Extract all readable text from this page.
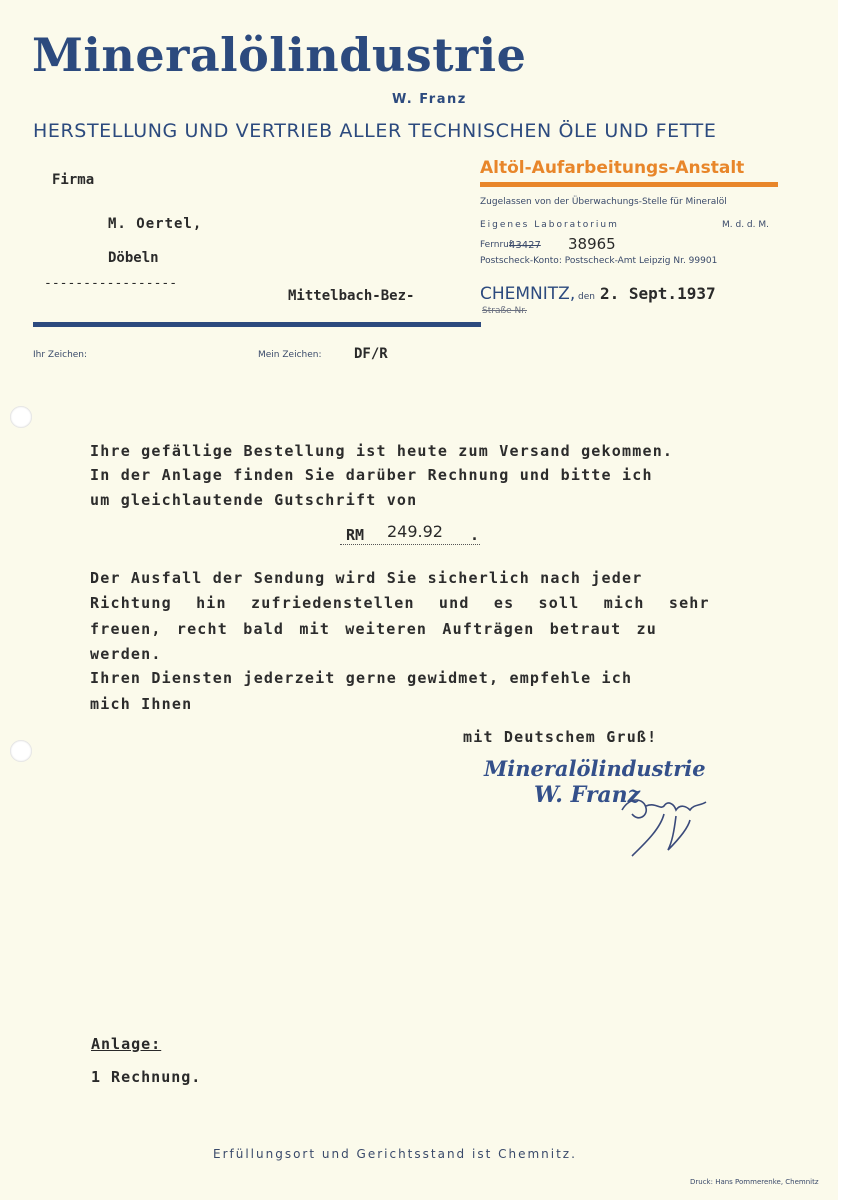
Mineralölindustrie
W. Franz
HERSTELLUNG UND VERTRIEB ALLER TECHNISCHEN ÖLE UND FETTE
Altöl-Aufarbeitungs-Anstalt
Zugelassen von der Überwachungs-Stelle für Mineralöl
Eigenes Laboratorium	M. d. d. M.
Fernruf
43427 38965
Postscheck-Konto: Postscheck-Amt Leipzig Nr. 99901
Firma
M. Oertel,
Döbeln
-----------------
Mittelbach-Bez-	CHEMNITZ, den 2. Sept.1937
Straße Nr.
Ihr Zeichen:	Mein Zeichen: DF/R
Ihre gefällige Bestellung ist heute zum Versand gekommen.
In der Anlage finden Sie darüber Rechnung und bitte ich
um gleichlautende Gutschrift von
RM 249.92 .
Der Ausfall der Sendung wird Sie sicherlich nach jeder
Richtung hin zufriedenstellen und es soll mich sehr
freuen, recht bald mit weiteren Aufträgen betraut zu
werden.
Ihren Diensten jederzeit gerne gewidmet, empfehle ich
mich Ihnen
mit Deutschem Gruß!
Mineralölindustrie
W. Franz
Anlage:
1 Rechnung.
Erfüllungsort und Gerichtsstand ist Chemnitz.
Druck: Hans Pommerenke, Chemnitz
